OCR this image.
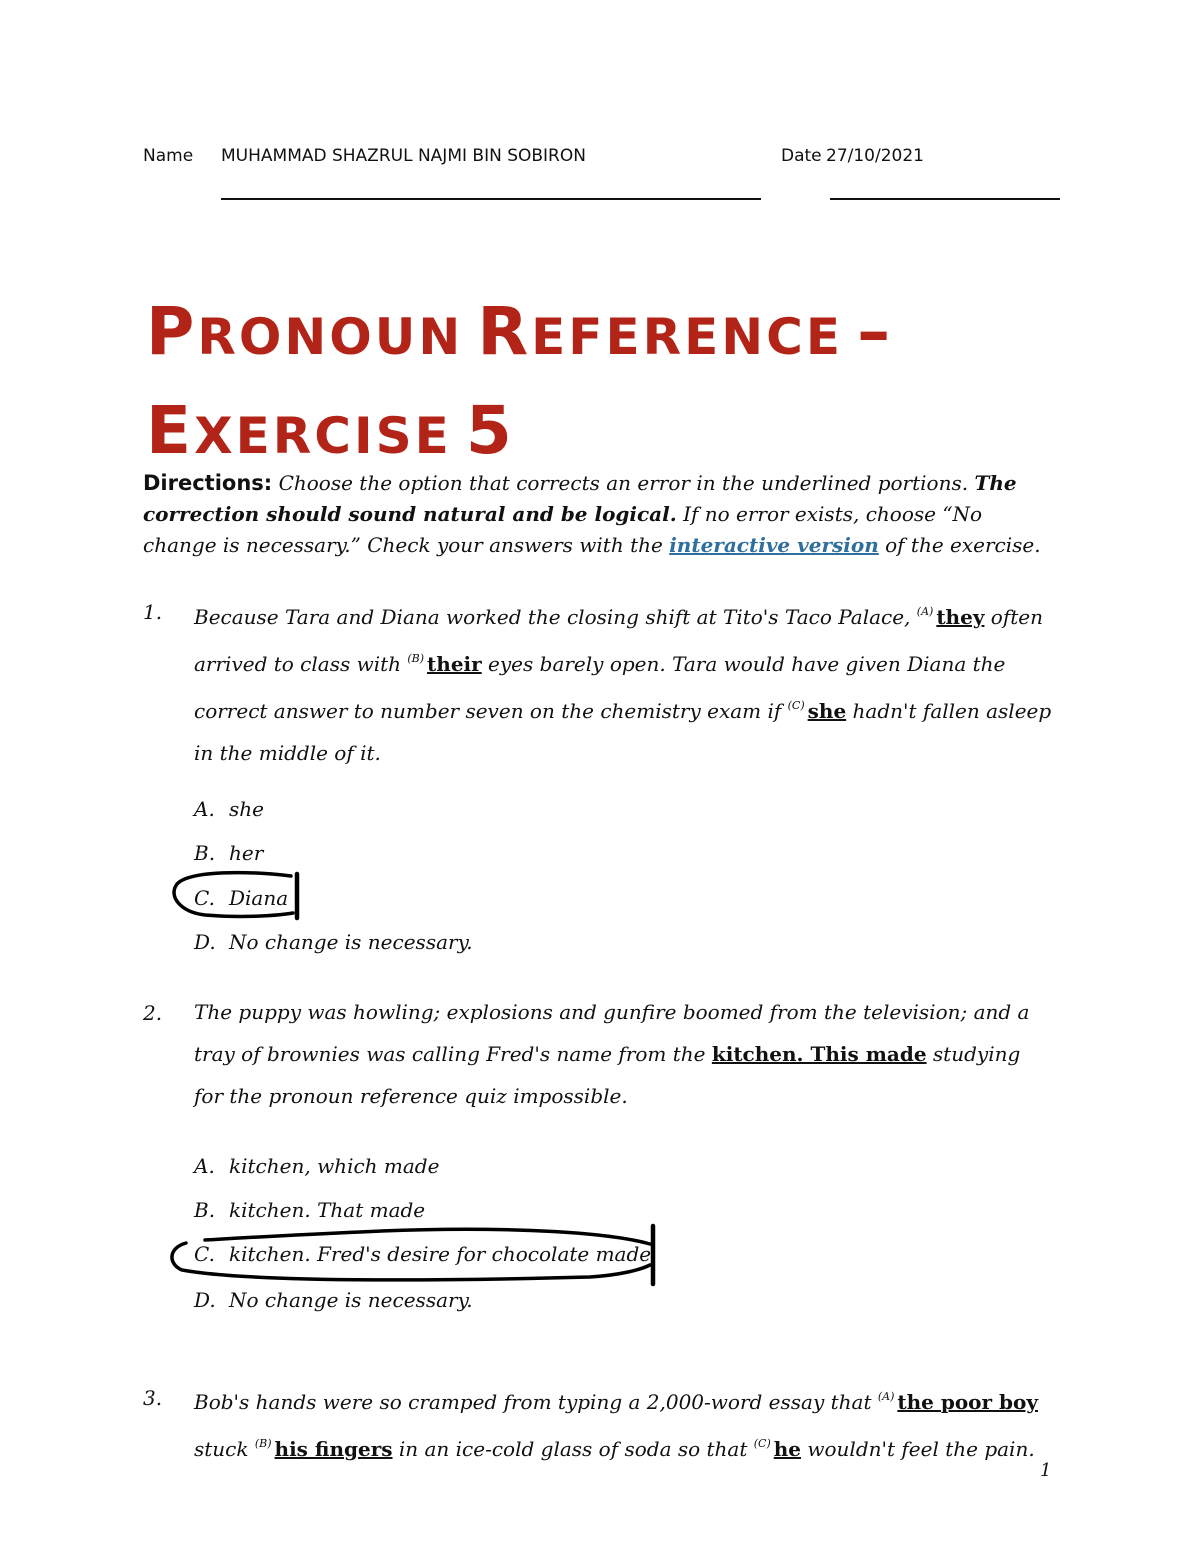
Name MUHAMMAD SHAZRUL NAJMI BIN SOBIRON	Date 27/10/2021
PRONOUN REFERENCE –
EXERCISE 5
Directions: Choose the option that corrects an error in the underlined portions. The correction should sound natural and be logical. If no error exists, choose “No change is necessary.” Check your answers with the interactive version of the exercise.
1. Because Tara and Diana worked the closing shift at Tito's Taco Palace, $^{(A)}$ they often arrived to class with $^{(B)}$ their eyes barely open. Tara would have given Diana the correct answer to number seven on the chemistry exam if $^{(C)}$ she hadn't fallen asleep in the middle of it.
A. she
B. her
C. Diana
D. No change is necessary.
2. The puppy was howling; explosions and gunfire boomed from the television; and a tray of brownies was calling Fred's name from the kitchen. This made studying for the pronoun reference quiz impossible.
A. kitchen, which made
B. kitchen. That made
C. kitchen. Fred's desire for chocolate made
D. No change is necessary.
3. Bob's hands were so cramped from typing a 2,000-word essay that $^{(A)}$ the poor boy stuck $^{(B)}$ his fingers in an ice-cold glass of soda so that $^{(C)}$ he wouldn't feel the pain.
1
